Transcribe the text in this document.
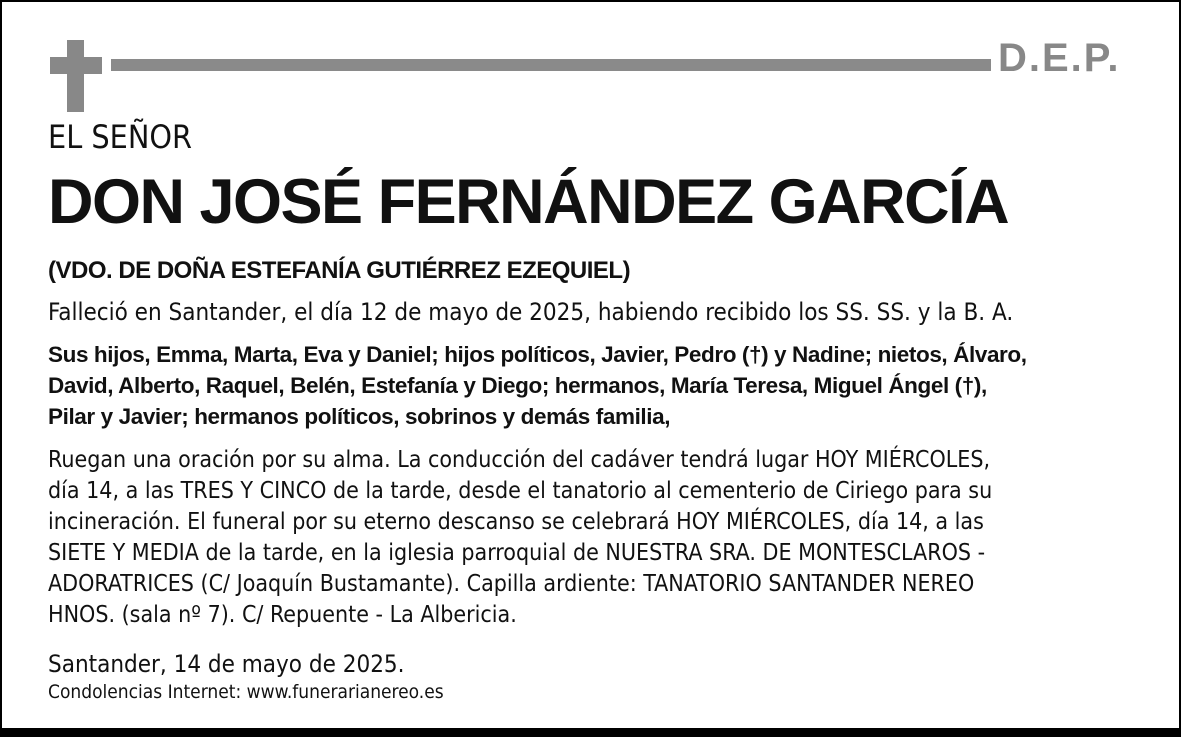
D.E.P.
EL SEÑOR
DON JOSÉ FERNÁNDEZ GARCÍA
(VDO. DE DOÑA ESTEFANÍA GUTIÉRREZ EZEQUIEL)
Falleció en Santander, el día 12 de mayo de 2025, habiendo recibido los SS. SS. y la B. A.
Sus hijos, Emma, Marta, Eva y Daniel; hijos políticos, Javier, Pedro (†) y Nadine; nietos, Álvaro,
David, Alberto, Raquel, Belén, Estefanía y Diego; hermanos, María Teresa, Miguel Ángel (†),
Pilar y Javier; hermanos políticos, sobrinos y demás familia,
Ruegan una oración por su alma. La conducción del cadáver tendrá lugar HOY MIÉRCOLES,
día 14, a las TRES Y CINCO de la tarde, desde el tanatorio al cementerio de Ciriego para su
incineración. El funeral por su eterno descanso se celebrará HOY MIÉRCOLES, día 14, a las
SIETE Y MEDIA de la tarde, en la iglesia parroquial de NUESTRA SRA. DE MONTESCLAROS -
ADORATRICES (C/ Joaquín Bustamante). Capilla ardiente: TANATORIO SANTANDER NEREO
HNOS. (sala nº 7). C/ Repuente - La Albericia.
Santander, 14 de mayo de 2025.
Condolencias Internet: www.funerarianereo.es
